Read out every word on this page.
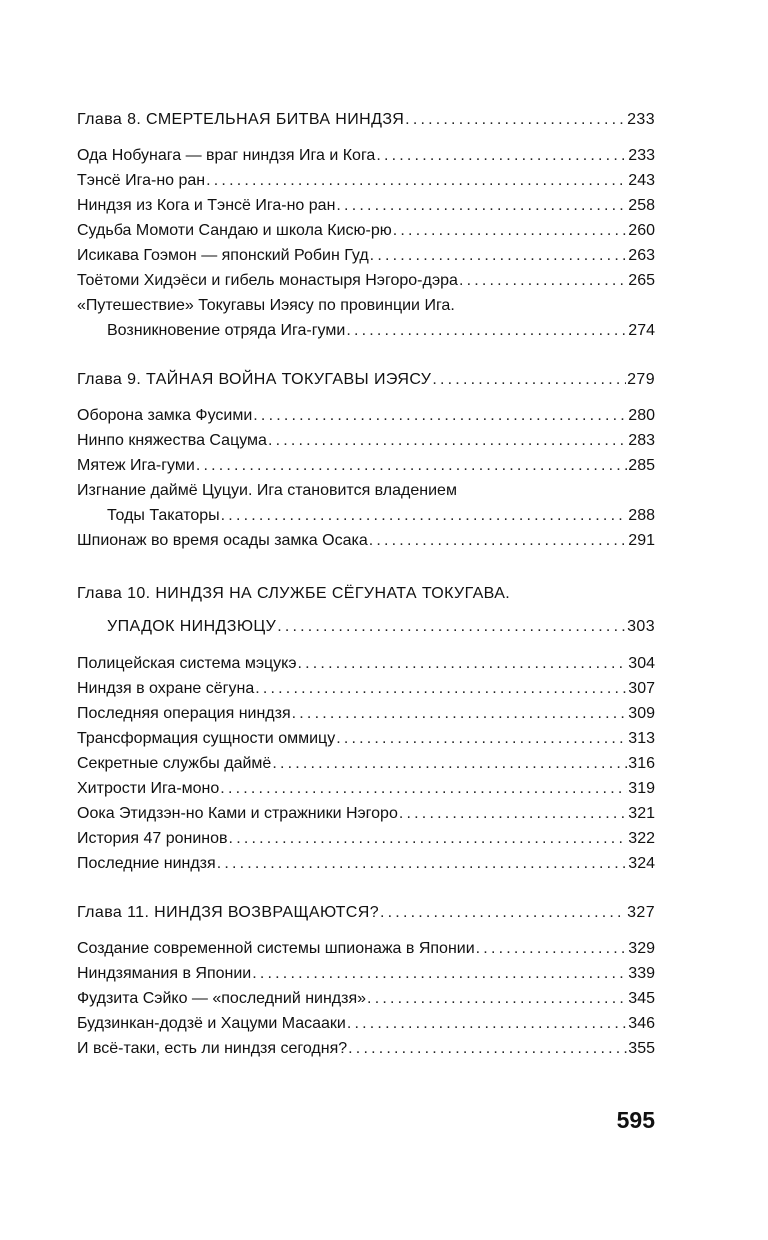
Глава 8. СМЕРТЕЛЬНАЯ БИТВА НИНДЗЯ .....	233
Ода Нобунага — враг ниндзя Ига и Кога .....	233
Тэнсё Ига-но ран .....	243
Ниндзя из Кога и Тэнсё Ига-но ран .....	258
Судьба Момоти Сандаю и школа Кисю-рю .....	260
Исикава Гоэмон — японский Робин Гуд .....	263
Тоётоми Хидэёси и гибель монастыря Нэгоро-дэра .....	265
«Путешествие» Токугавы Иэясу по провинции Ига.
Возникновение отряда Ига-гуми .....	274
Глава 9. ТАЙНАЯ ВОЙНА ТОКУГАВЫ ИЭЯСУ .....	279
Оборона замка Фусими .....	280
Нинпо княжества Сацума .....	283
Мятеж Ига-гуми .....	285
Изгнание даймё Цуцуи. Ига становится владением
Тоды Такаторы .....	288
Шпионаж во время осады замка Осака .....	291
Глава 10. НИНДЗЯ НА СЛУЖБЕ СЁГУНАТА ТОКУГАВА.
УПАДОК НИНДЗЮЦУ .....	303
Полицейская система мэцукэ .....	304
Ниндзя в охране сёгуна .....	307
Последняя операция ниндзя .....	309
Трансформация сущности оммицу .....	313
Секретные службы даймё .....	316
Хитрости Ига-моно .....	319
Оока Этидзэн-но Ками и стражники Нэгоро .....	321
История 47 ронинов .....	322
Последние ниндзя .....	324
Глава 11. НИНДЗЯ ВОЗВРАЩАЮТСЯ? .....	327
Создание современной системы шпионажа в Японии .....	329
Ниндзямания в Японии .....	339
Фудзита Сэйко — «последний ниндзя» .....	345
Будзинкан-додзё и Хацуми Масааки .....	346
И всё-таки, есть ли ниндзя сегодня? .....	355
595
